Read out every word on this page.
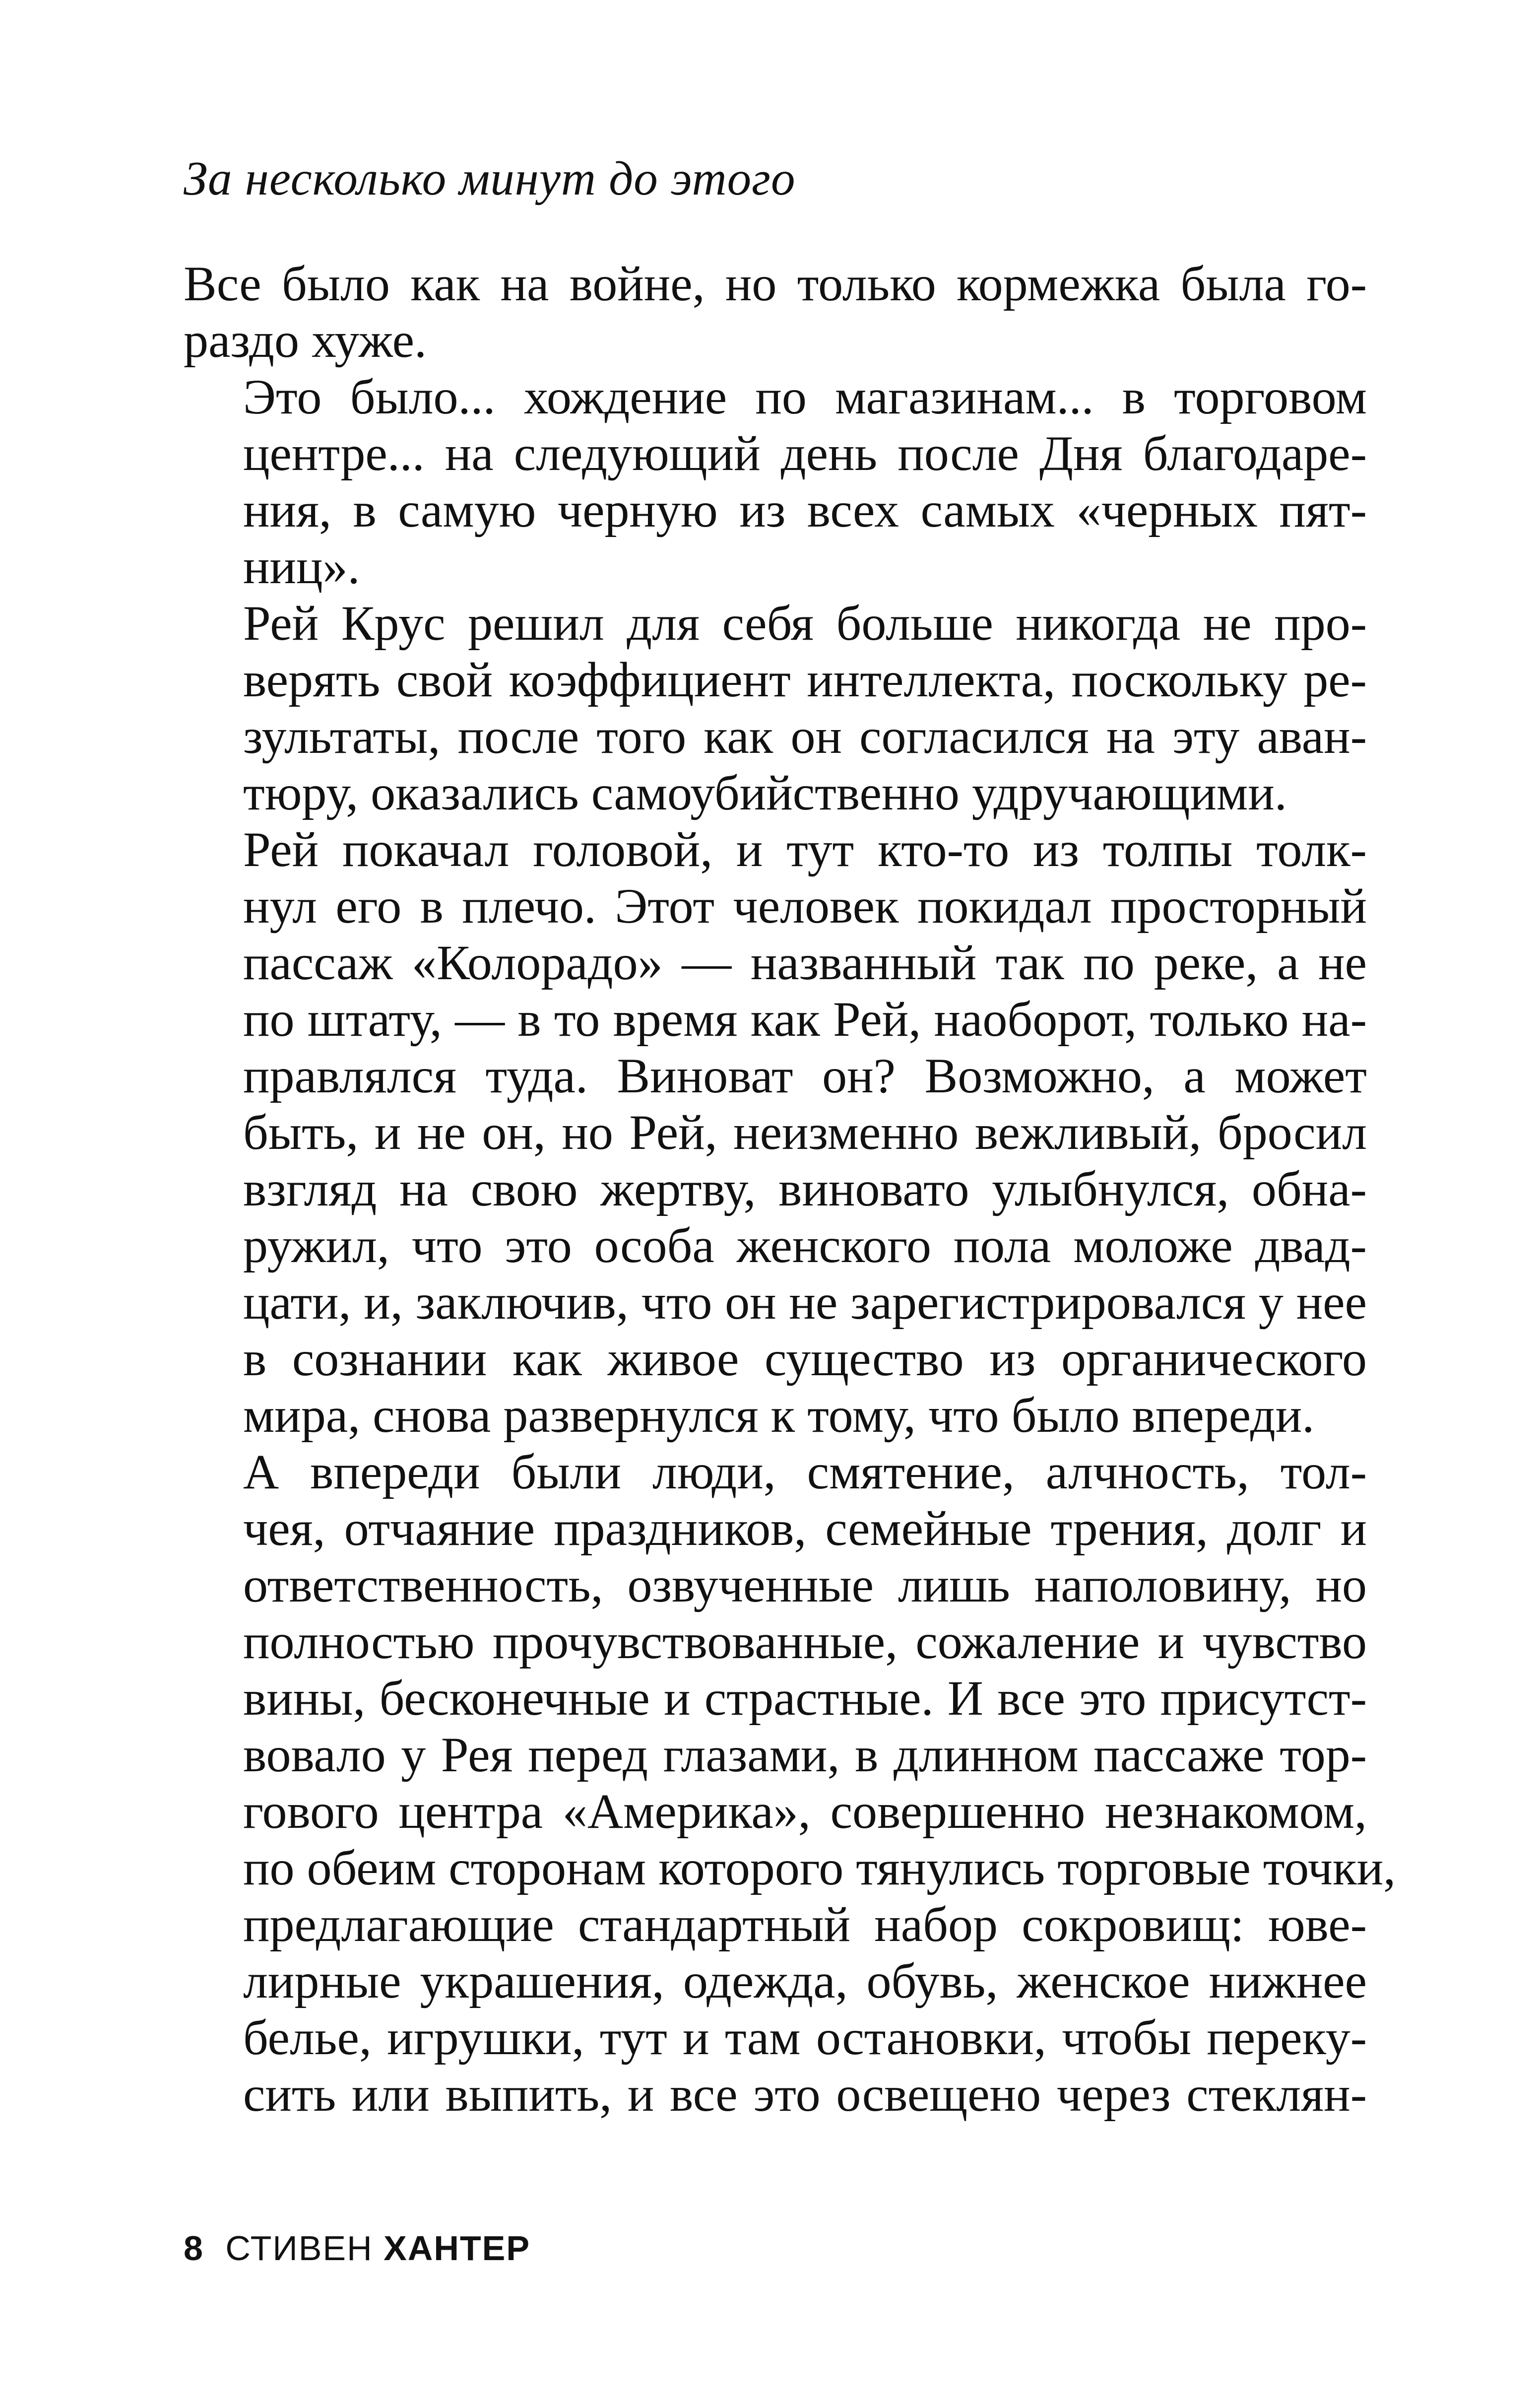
За несколько минут до этого

Все было как на войне, но только кормежка была го-
раздо хуже.

Это было... хождение по магазинам... в торговом
центре... на следующий день после Дня благодаре-
ния, в самую черную из всех самых «черных пят-
ниц».

Рей Крус решил для себя больше никогда не про-
верять свой коэффициент интеллекта, поскольку ре-
зультаты, после того как он согласился на эту аван-
тюру, оказались самоубийственно удручающими.

Рей покачал головой, и тут кто-то из толпы толк-
нул его в плечо. Этот человек покидал просторный
пассаж «Колорадо» — названный так по реке, а не
по штату, — в то время как Рей, наоборот, только на-
правлялся туда. Виноват он? Возможно, а может
быть, и не он, но Рей, неизменно вежливый, бросил
взгляд на свою жертву, виновато улыбнулся, обна-
ружил, что это особа женского пола моложе двад-
цати, и, заключив, что он не зарегистрировался у нее
в сознании как живое существо из органического
мира, снова развернулся к тому, что было впереди.

А впереди были люди, смятение, алчность, тол-
чея, отчаяние праздников, семейные трения, долг и
ответственность, озвученные лишь наполовину, но
полностью прочувствованные, сожаление и чувство
вины, бесконечные и страстные. И все это присутст-
вовало у Рея перед глазами, в длинном пассаже тор-
гового центра «Америка», совершенно незнакомом,
по обеим сторонам которого тянулись торговые точки,
предлагающие стандартный набор сокровищ: юве-
лирные украшения, одежда, обувь, женское нижнее
белье, игрушки, тут и там остановки, чтобы переку-
сить или выпить, и все это освещено через стеклян-

8 СТИВЕН ХАНТЕР
